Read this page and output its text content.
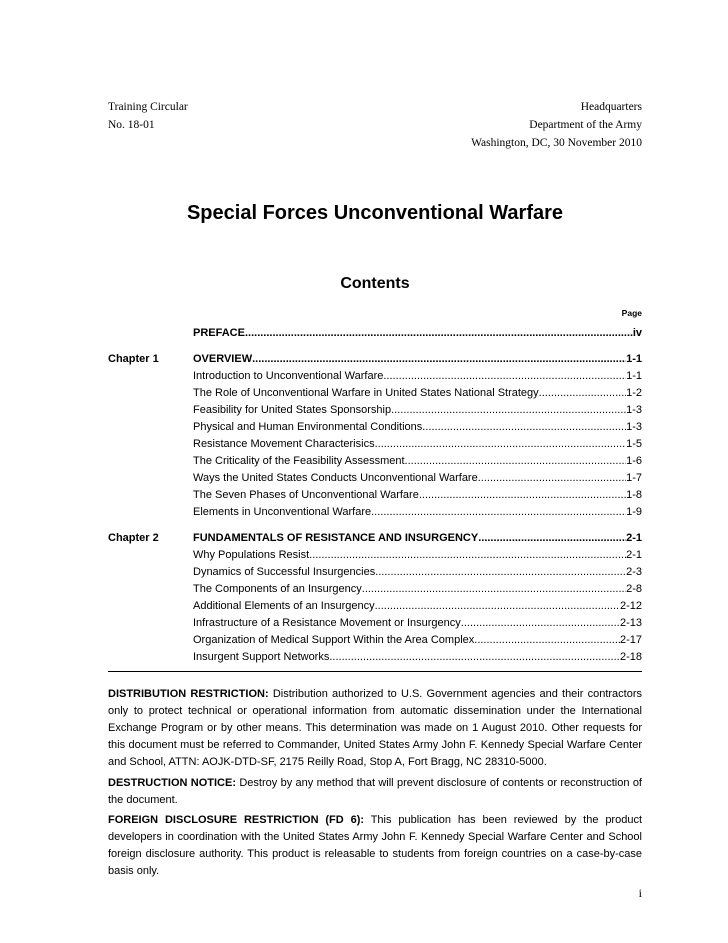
Training Circular
No. 18-01
Headquarters
Department of the Army
Washington, DC, 30 November 2010
Special Forces Unconventional Warfare
Contents
Page
PREFACE .....	iv
Chapter 1	OVERVIEW .....	1-1
Introduction to Unconventional Warfare .....	1-1
The Role of Unconventional Warfare in United States National Strategy .....	1-2
Feasibility for United States Sponsorship .....	1-3
Physical and Human Environmental Conditions .....	1-3
Resistance Movement Characterisics .....	1-5
The Criticality of the Feasibility Assessment .....	1-6
Ways the United States Conducts Unconventional Warfare .....	1-7
The Seven Phases of Unconventional Warfare .....	1-8
Elements in Unconventional Warfare .....	1-9
Chapter 2	FUNDAMENTALS OF RESISTANCE AND INSURGENCY .....	2-1
Why Populations Resist .....	2-1
Dynamics of Successful Insurgencies .....	2-3
The Components of an Insurgency .....	2-8
Additional Elements of an Insurgency .....	2-12
Infrastructure of a Resistance Movement or Insurgency .....	2-13
Organization of Medical Support Within the Area Complex .....	2-17
Insurgent Support Networks. .....	2-18

DISTRIBUTION RESTRICTION: Distribution authorized to U.S. Government agencies and their contractors only to protect technical or operational information from automatic dissemination under the International Exchange Program or by other means. This determination was made on 1 August 2010. Other requests for this document must be referred to Commander, United States Army John F. Kennedy Special Warfare Center and School, ATTN: AOJK-DTD-SF, 2175 Reilly Road, Stop A, Fort Bragg, NC 28310-5000.

DESTRUCTION NOTICE: Destroy by any method that will prevent disclosure of contents or reconstruction of the document.

FOREIGN DISCLOSURE RESTRICTION (FD 6): This publication has been reviewed by the product developers in coordination with the United States Army John F. Kennedy Special Warfare Center and School foreign disclosure authority. This product is releasable to students from foreign countries on a case-by-case basis only.

i
